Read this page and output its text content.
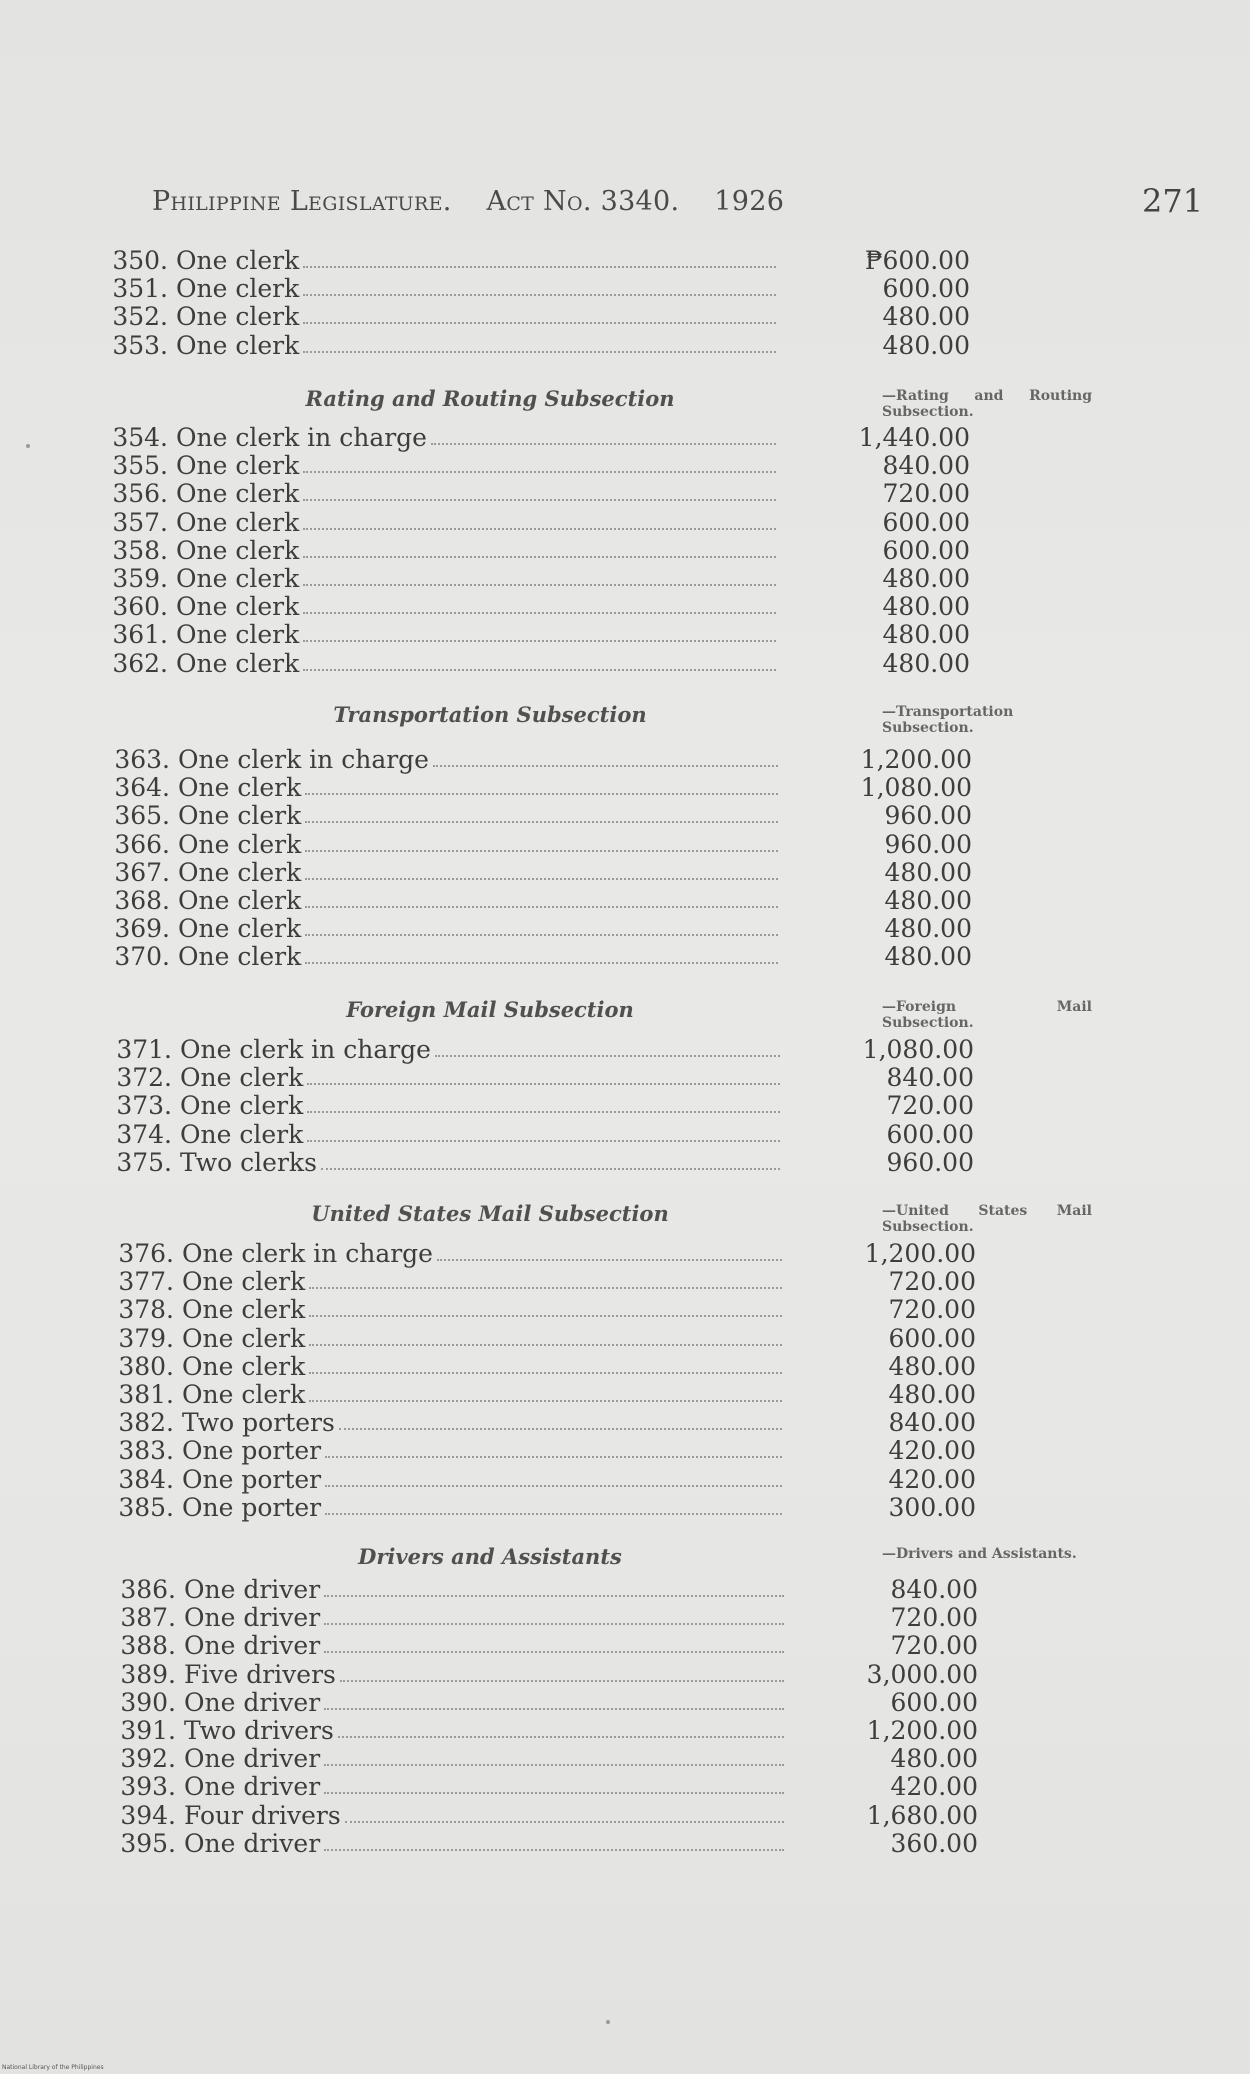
Philippine Legislature. Act No. 3340. 1926	271
350. One clerk	₱600.00
351. One clerk	600.00
352. One clerk	480.00
353. One clerk	480.00
Rating and Routing Subsection	—Rating and Routing Subsection.
354. One clerk in charge	1,440.00
355. One clerk	840.00
356. One clerk	720.00
357. One clerk	600.00
358. One clerk	600.00
359. One clerk	480.00
360. One clerk	480.00
361. One clerk	480.00
362. One clerk	480.00
Transportation Subsection	—Transportation Subsection.
363. One clerk in charge	1,200.00
364. One clerk	1,080.00
365. One clerk	960.00
366. One clerk	960.00
367. One clerk	480.00
368. One clerk	480.00
369. One clerk	480.00
370. One clerk	480.00
Foreign Mail Subsection	—Foreign Mail Subsection.
371. One clerk in charge	1,080.00
372. One clerk	840.00
373. One clerk	720.00
374. One clerk	600.00
375. Two clerks	960.00
United States Mail Subsection	—United States Mail Subsection.
376. One clerk in charge	1,200.00
377. One clerk	720.00
378. One clerk	720.00
379. One clerk	600.00
380. One clerk	480.00
381. One clerk	480.00
382. Two porters	840.00
383. One porter	420.00
384. One porter	420.00
385. One porter	300.00
Drivers and Assistants	—Drivers and Assistants.
386. One driver	840.00
387. One driver	720.00
388. One driver	720.00
389. Five drivers	3,000.00
390. One driver	600.00
391. Two drivers	1,200.00
392. One driver	480.00
393. One driver	420.00
394. Four drivers	1,680.00
395. One driver	360.00
National Library of the Philippines
